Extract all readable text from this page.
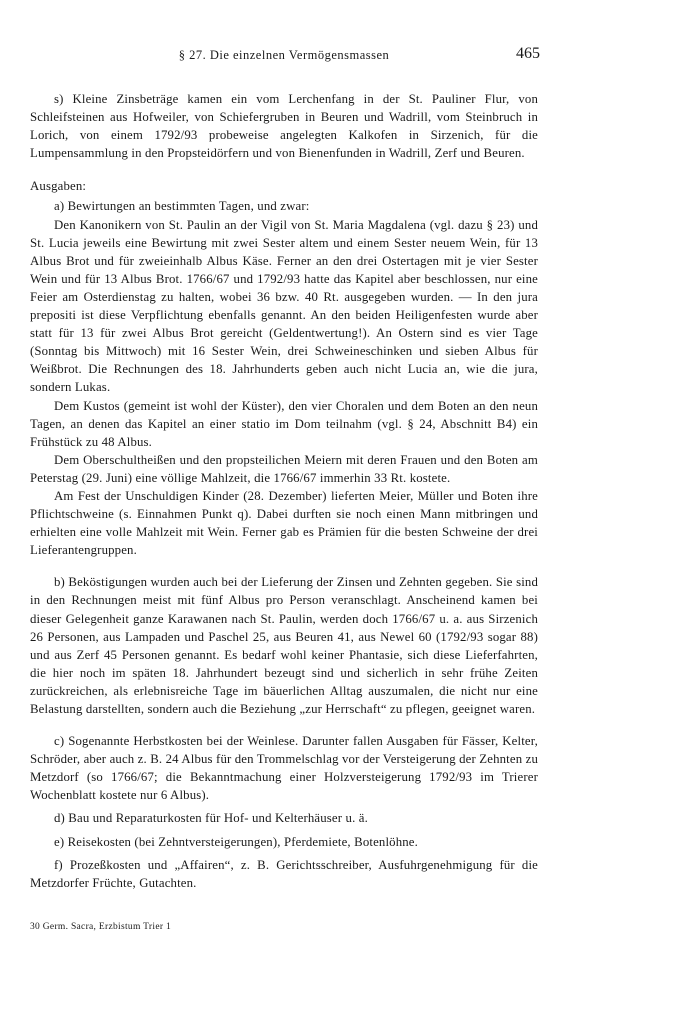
§ 27. Die einzelnen Vermögensmassen	465

s) Kleine Zinsbeträge kamen ein vom Lerchenfang in der St. Pauliner Flur, von Schleifsteinen aus Hofweiler, von Schiefergruben in Beuren und Wadrill, vom Steinbruch in Lorich, von einem 1792/93 probeweise angelegten Kalkofen in Sirzenich, für die Lumpensammlung in den Propsteidörfern und von Bienenfunden in Wadrill, Zerf und Beuren.

Ausgaben:

a) Bewirtungen an bestimmten Tagen, und zwar:

Den Kanonikern von St. Paulin an der Vigil von St. Maria Magdalena (vgl. dazu § 23) und St. Lucia jeweils eine Bewirtung mit zwei Sester altem und einem Sester neuem Wein, für 13 Albus Brot und für zweieinhalb Albus Käse. Ferner an den drei Ostertagen mit je vier Sester Wein und für 13 Albus Brot. 1766/67 und 1792/93 hatte das Kapitel aber beschlossen, nur eine Feier am Osterdienstag zu halten, wobei 36 bzw. 40 Rt. ausgegeben wurden. — In den jura prepositi ist diese Verpflichtung ebenfalls genannt. An den beiden Heiligenfesten wurde aber statt für 13 für zwei Albus Brot gereicht (Geldentwertung!). An Ostern sind es vier Tage (Sonntag bis Mittwoch) mit 16 Sester Wein, drei Schweineschinken und sieben Albus für Weißbrot. Die Rechnungen des 18. Jahrhunderts geben auch nicht Lucia an, wie die jura, sondern Lukas.

Dem Kustos (gemeint ist wohl der Küster), den vier Choralen und dem Boten an den neun Tagen, an denen das Kapitel an einer statio im Dom teilnahm (vgl. § 24, Abschnitt B4) ein Frühstück zu 48 Albus.

Dem Oberschultheißen und den propsteilichen Meiern mit deren Frauen und den Boten am Peterstag (29. Juni) eine völlige Mahlzeit, die 1766/67 immerhin 33 Rt. kostete.

Am Fest der Unschuldigen Kinder (28. Dezember) lieferten Meier, Müller und Boten ihre Pflichtschweine (s. Einnahmen Punkt q). Dabei durften sie noch einen Mann mitbringen und erhielten eine volle Mahlzeit mit Wein. Ferner gab es Prämien für die besten Schweine der drei Lieferantengruppen.

b) Beköstigungen wurden auch bei der Lieferung der Zinsen und Zehnten gegeben. Sie sind in den Rechnungen meist mit fünf Albus pro Person veranschlagt. Anscheinend kamen bei dieser Gelegenheit ganze Karawanen nach St. Paulin, werden doch 1766/67 u. a. aus Sirzenich 26 Personen, aus Lampaden und Paschel 25, aus Beuren 41, aus Newel 60 (1792/93 sogar 88) und aus Zerf 45 Personen genannt. Es bedarf wohl keiner Phantasie, sich diese Lieferfahrten, die hier noch im späten 18. Jahrhundert bezeugt sind und sicherlich in sehr frühe Zeiten zurückreichen, als erlebnisreiche Tage im bäuerlichen Alltag auszumalen, die nicht nur eine Belastung darstellten, sondern auch die Beziehung „zur Herrschaft“ zu pflegen, geeignet waren.

c) Sogenannte Herbstkosten bei der Weinlese. Darunter fallen Ausgaben für Fässer, Kelter, Schröder, aber auch z. B. 24 Albus für den Trommelschlag vor der Versteigerung der Zehnten zu Metzdorf (so 1766/67; die Bekanntmachung einer Holzversteigerung 1792/93 im Trierer Wochenblatt kostete nur 6 Albus).

d) Bau und Reparaturkosten für Hof- und Kelterhäuser u. ä.

e) Reisekosten (bei Zehntversteigerungen), Pferdemiete, Botenlöhne.

f) Prozeßkosten und „Affairen“, z. B. Gerichtsschreiber, Ausfuhrgenehmigung für die Metzdorfer Früchte, Gutachten.

30 Germ. Sacra, Erzbistum Trier 1
